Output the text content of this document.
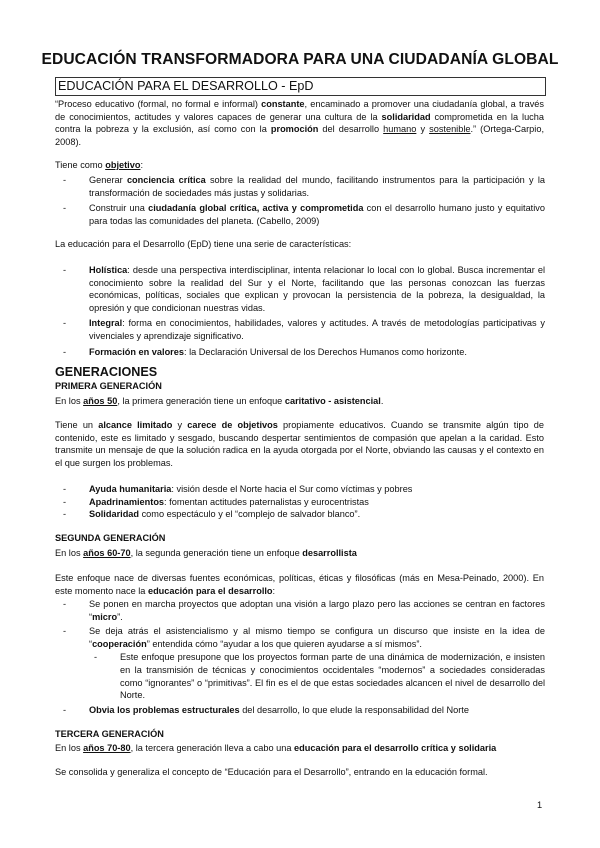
EDUCACIÓN TRANSFORMADORA PARA UNA CIUDADANÍA GLOBAL
EDUCACIÓN PARA EL DESARROLLO - EpD
“Proceso educativo (formal, no formal e informal) constante, encaminado a promover una ciudadanía global, a través de conocimientos, actitudes y valores capaces de generar una cultura de la solidaridad comprometida en la lucha contra la pobreza y la exclusión, así como con la promoción del desarrollo humano y sostenible.” (Ortega-Carpio, 2008).
Tiene como objetivo:
- Generar conciencia crítica sobre la realidad del mundo, facilitando instrumentos para la participación y la transformación de sociedades más justas y solidarias.
- Construir una ciudadanía global crítica, activa y comprometida con el desarrollo humano justo y equitativo para todas las comunidades del planeta. (Cabello, 2009)
La educación para el Desarrollo (EpD) tiene una serie de características:
- Holística: desde una perspectiva interdisciplinar, intenta relacionar lo local con lo global. Busca incrementar el conocimiento sobre la realidad del Sur y el Norte, facilitando que las personas conozcan las fuerzas económicas, políticas, sociales que explican y provocan la persistencia de la pobreza, la desigualdad, la opresión y que condicionan nuestras vidas.
- Integral: forma en conocimientos, habilidades, valores y actitudes. A través de metodologías participativas y vivenciales y aprendizaje significativo.
- Formación en valores: la Declaración Universal de los Derechos Humanos como horizonte.
GENERACIONES
PRIMERA GENERACIÓN
En los años 50, la primera generación tiene un enfoque caritativo - asistencial.
Tiene un alcance limitado y carece de objetivos propiamente educativos. Cuando se transmite algún tipo de contenido, este es limitado y sesgado, buscando despertar sentimientos de compasión que apelan a la caridad. Esto transmite un mensaje de que la solución radica en la ayuda otorgada por el Norte, obviando las causas y el contexto en el que surgen los problemas.
- Ayuda humanitaria: visión desde el Norte hacia el Sur como víctimas y pobres
- Apadrinamientos: fomentan actitudes paternalistas y eurocentristas
- Solidaridad como espectáculo y el “complejo de salvador blanco”.
SEGUNDA GENERACIÓN
En los años 60-70, la segunda generación tiene un enfoque desarrollista
Este enfoque nace de diversas fuentes económicas, políticas, éticas y filosóficas (más en Mesa-Peinado, 2000). En este momento nace la educación para el desarrollo:
- Se ponen en marcha proyectos que adoptan una visión a largo plazo pero las acciones se centran en factores “micro”.
- Se deja atrás el asistencialismo y al mismo tiempo se configura un discurso que insiste en la idea de “cooperación” entendida cómo “ayudar a los que quieren ayudarse a sí mismos”.
- Este enfoque presupone que los proyectos forman parte de una dinámica de modernización, e insisten en la transmisión de técnicas y conocimientos occidentales “modernos” a sociedades consideradas como “ignorantes” o “primitivas”. El fin es el de que estas sociedades alcancen el nivel de desarrollo del Norte.
- Obvia los problemas estructurales del desarrollo, lo que elude la responsabilidad del Norte
TERCERA GENERACIÓN
En los años 70-80, la tercera generación lleva a cabo una educación para el desarrollo crítica y solidaria
Se consolida y generaliza el concepto de “Educación para el Desarrollo”, entrando en la educación formal.
1
